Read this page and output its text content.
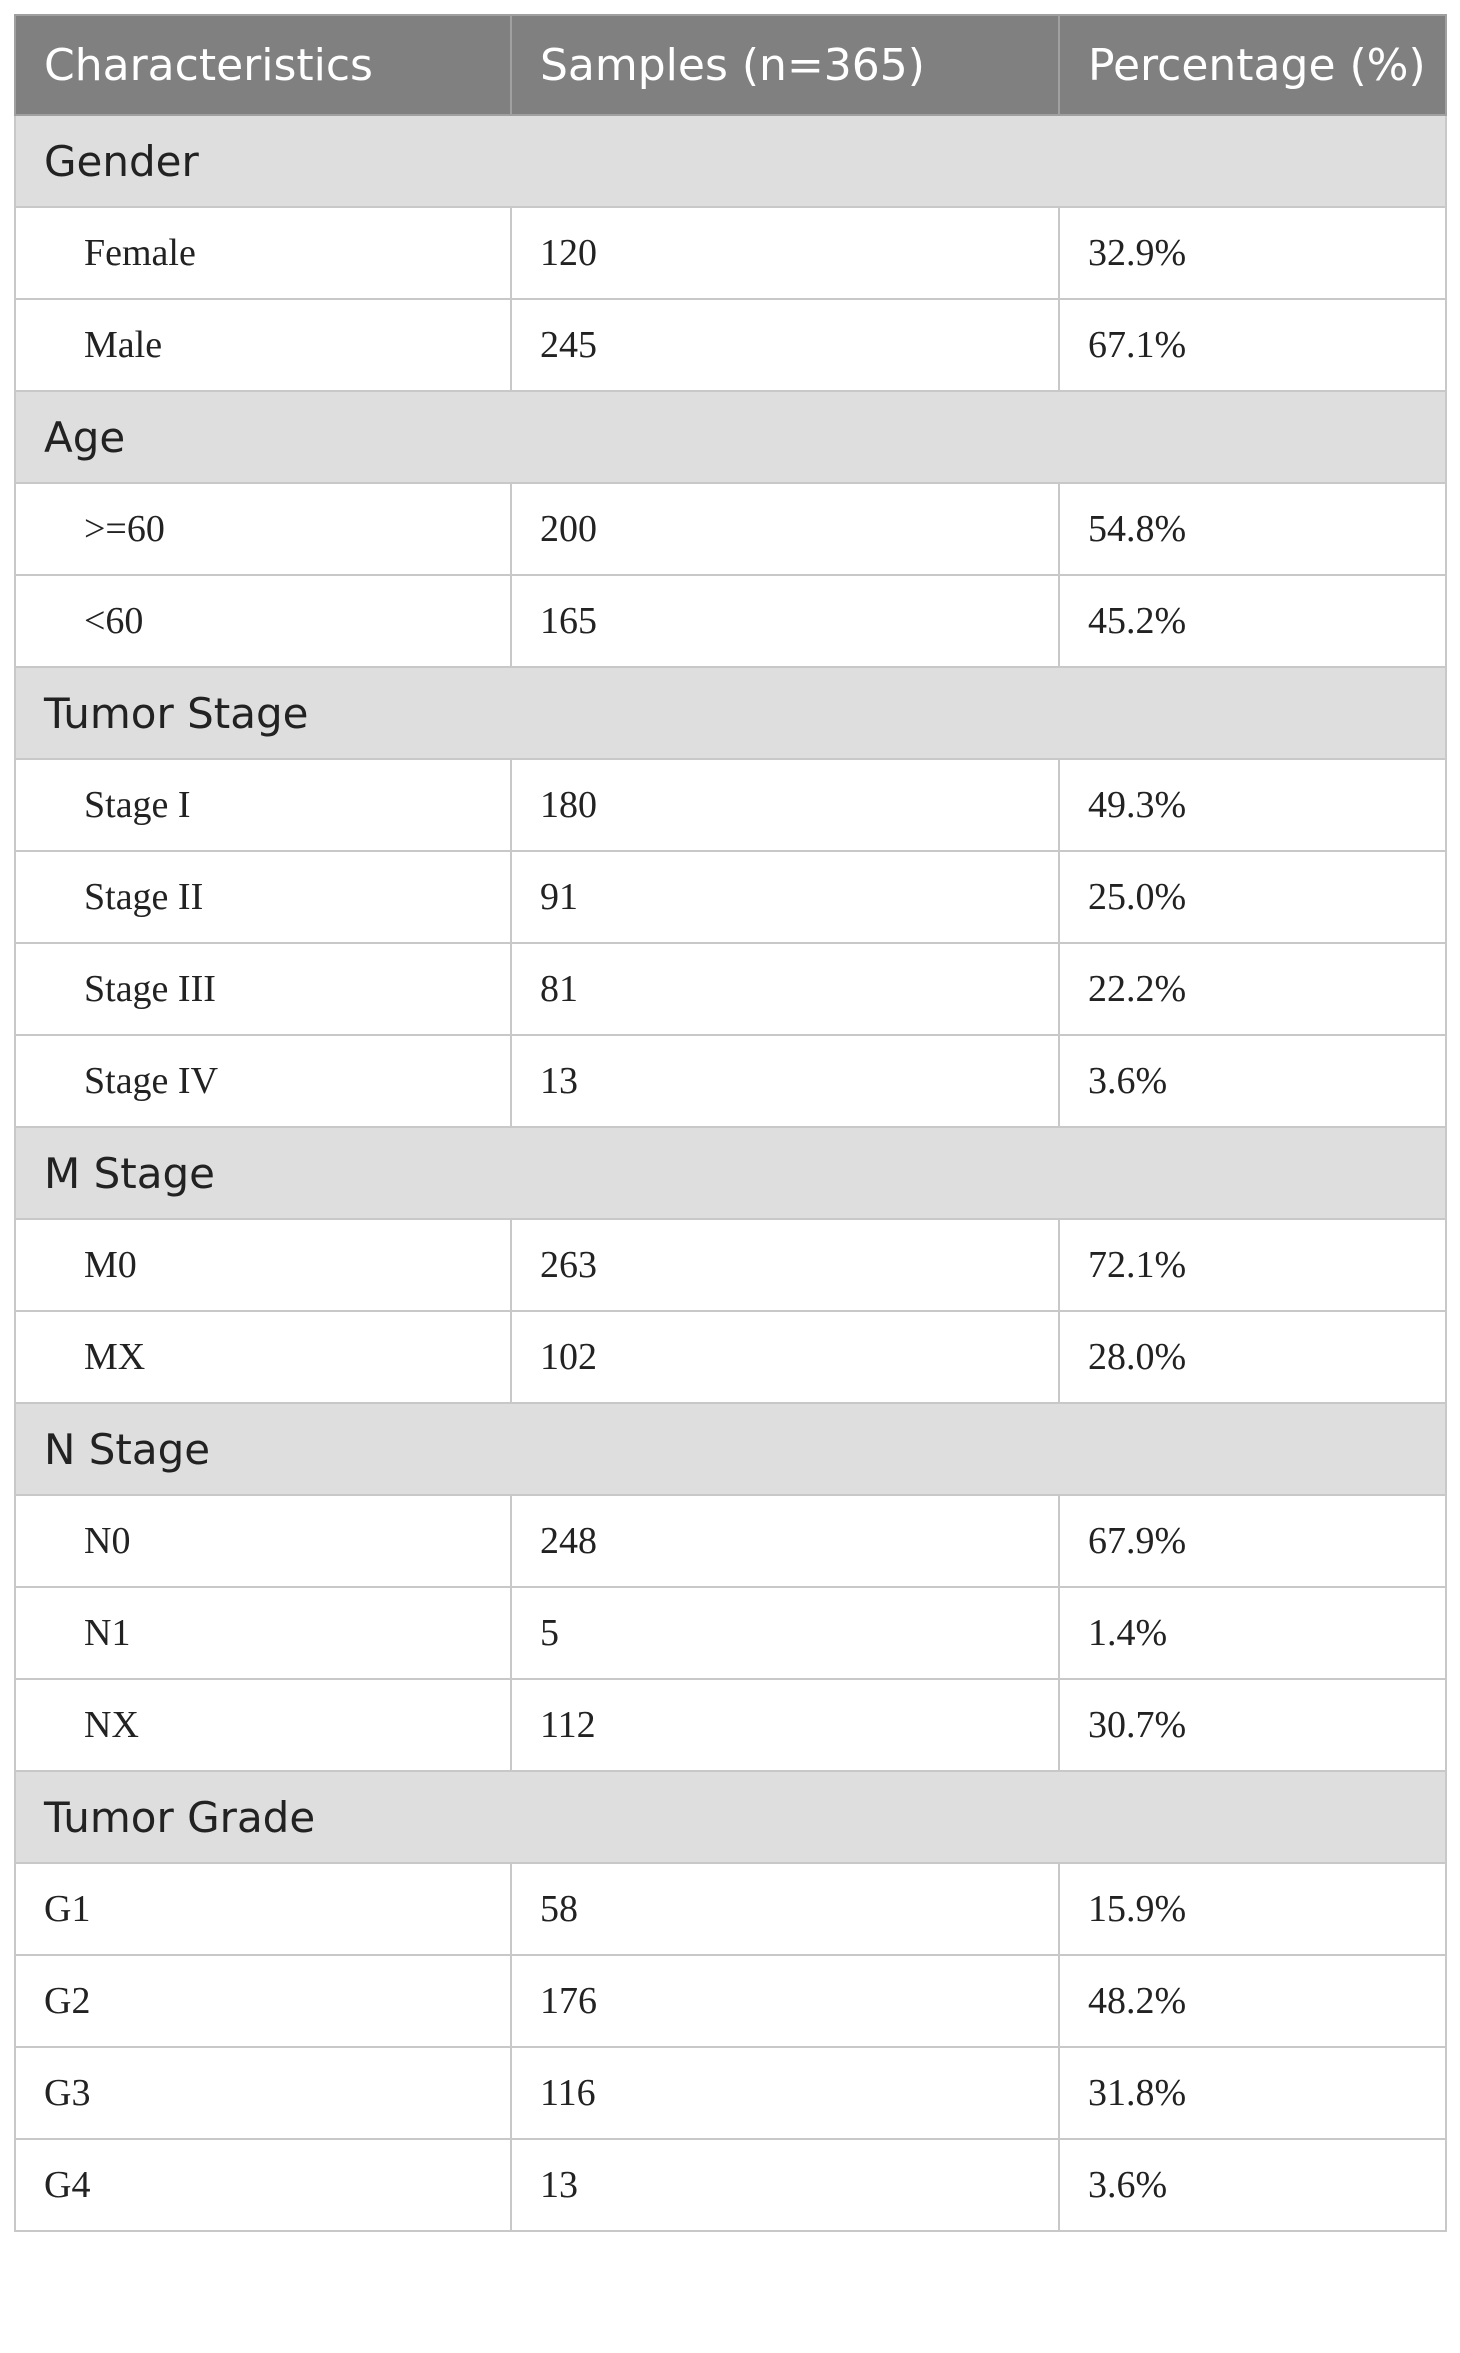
Characteristics	Samples (n=365)	Percentage (%)
Gender		
Female	120	32.9%
Male	245	67.1%
Age		
>=60	200	54.8%
<60	165	45.2%
Tumor Stage		
Stage I	180	49.3%
Stage II	91	25.0%
Stage III	81	22.2%
Stage IV	13	3.6%
M Stage		
M0	263	72.1%
MX	102	28.0%
N Stage		
N0	248	67.9%
N1	5	1.4%
NX	112	30.7%
Tumor Grade		
G1	58	15.9%
G2	176	48.2%
G3	116	31.8%
G4	13	3.6%
